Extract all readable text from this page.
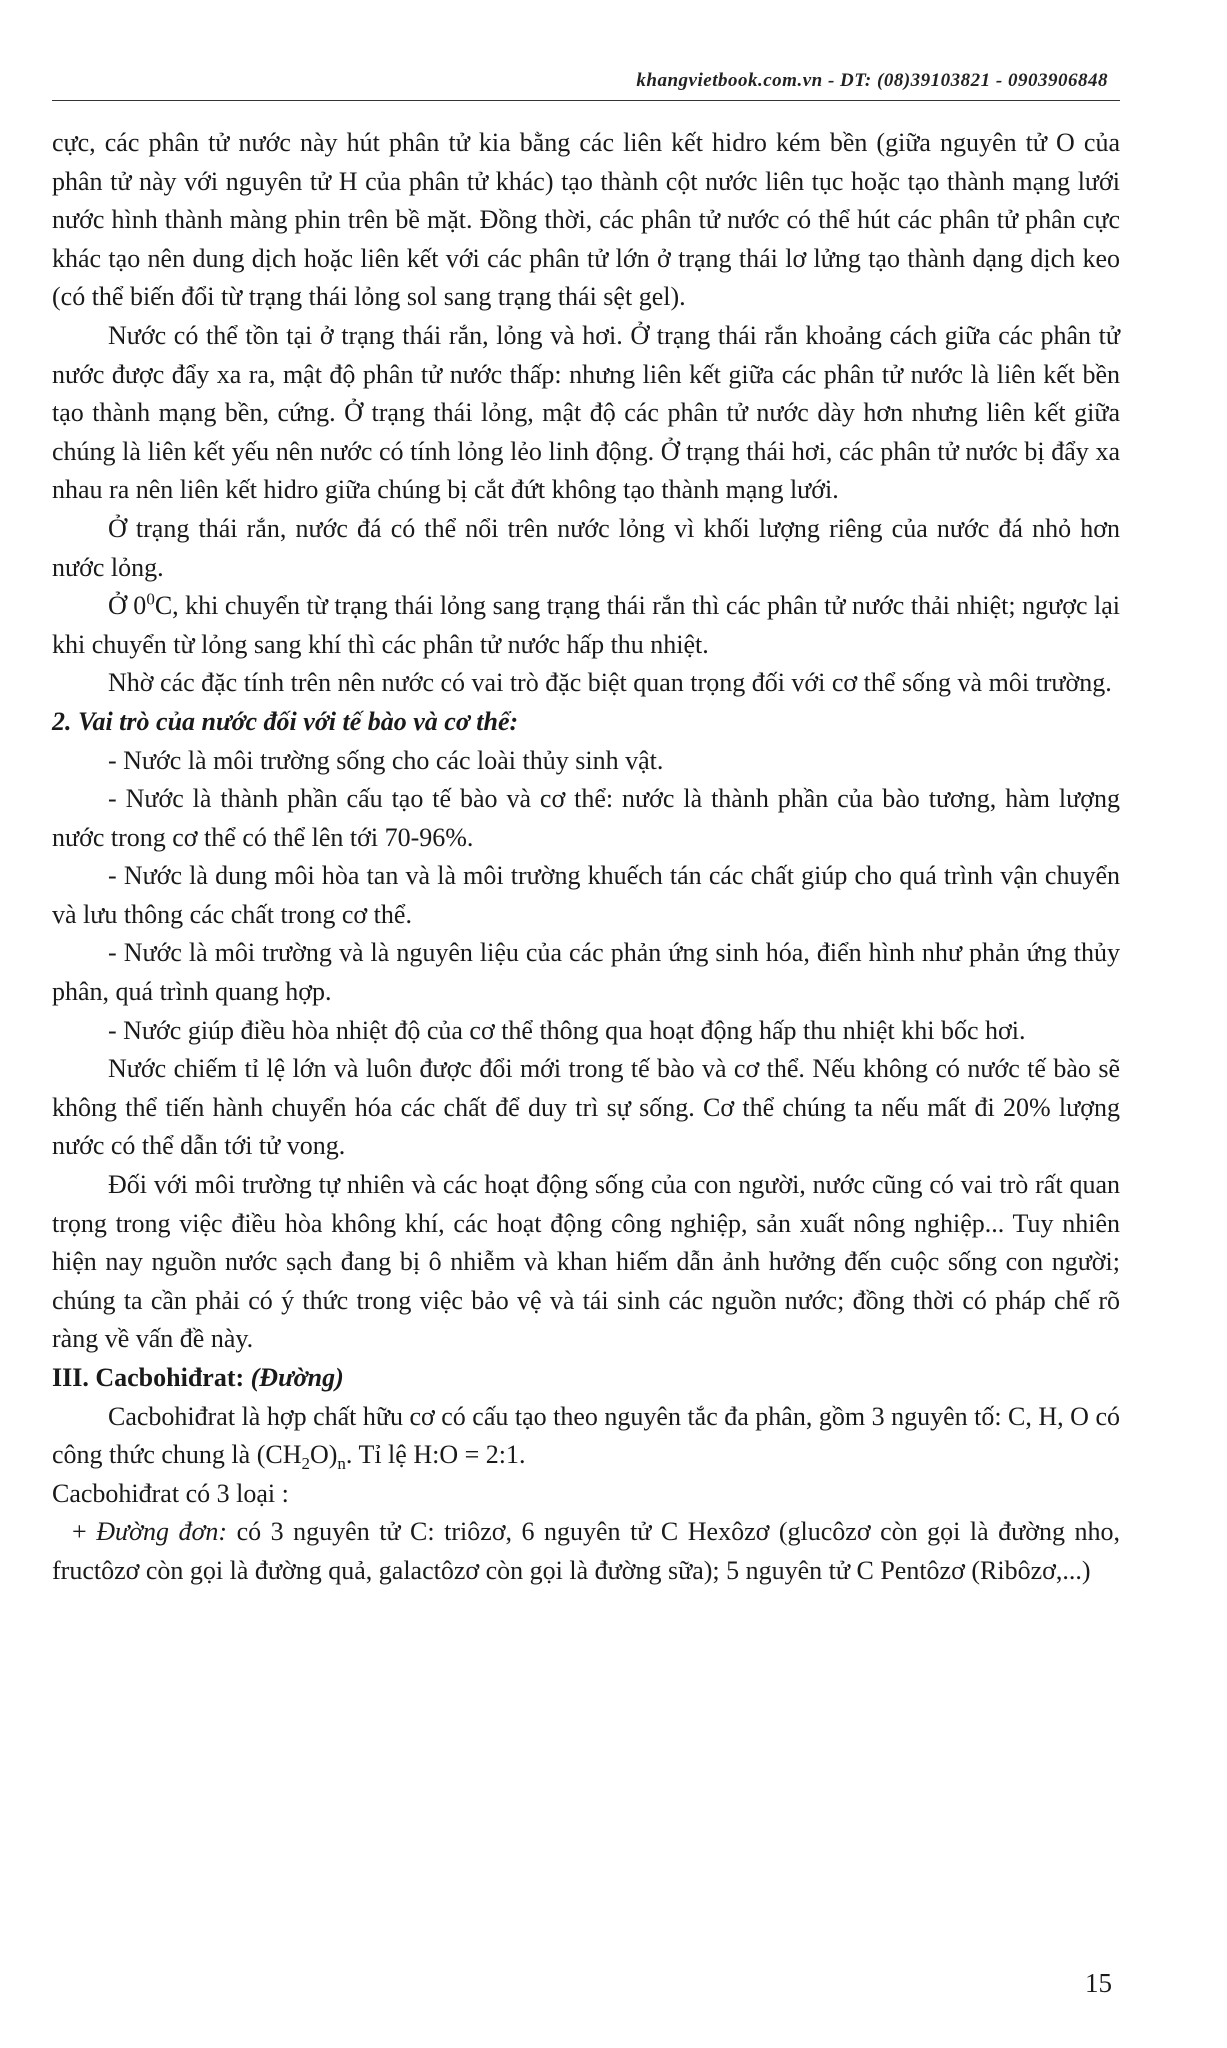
khangvietbook.com.vn - DT: (08)39103821 - 0903906848

cực, các phân tử nước này hút phân tử kia bằng các liên kết hidro kém bền (giữa nguyên tử O của phân tử này với nguyên tử H của phân tử khác) tạo thành cột nước liên tục hoặc tạo thành mạng lưới nước hình thành màng phin trên bề mặt. Đồng thời, các phân tử nước có thể hút các phân tử phân cực khác tạo nên dung dịch hoặc liên kết với các phân tử lớn ở trạng thái lơ lửng tạo thành dạng dịch keo (có thể biến đổi từ trạng thái lỏng sol sang trạng thái sệt gel).

Nước có thể tồn tại ở trạng thái rắn, lỏng và hơi. Ở trạng thái rắn khoảng cách giữa các phân tử nước được đẩy xa ra, mật độ phân tử nước thấp: nhưng liên kết giữa các phân tử nước là liên kết bền tạo thành mạng bền, cứng. Ở trạng thái lỏng, mật độ các phân tử nước dày hơn nhưng liên kết giữa chúng là liên kết yếu nên nước có tính lỏng lẻo linh động. Ở trạng thái hơi, các phân tử nước bị đẩy xa nhau ra nên liên kết hidro giữa chúng bị cắt đứt không tạo thành mạng lưới.

Ở trạng thái rắn, nước đá có thể nổi trên nước lỏng vì khối lượng riêng của nước đá nhỏ hơn nước lỏng.

Ở $0^0C$, khi chuyển từ trạng thái lỏng sang trạng thái rắn thì các phân tử nước thải nhiệt; ngược lại khi chuyển từ lỏng sang khí thì các phân tử nước hấp thu nhiệt.

Nhờ các đặc tính trên nên nước có vai trò đặc biệt quan trọng đối với cơ thể sống và môi trường.

2. Vai trò của nước đối với tế bào và cơ thể:

- Nước là môi trường sống cho các loài thủy sinh vật.

- Nước là thành phần cấu tạo tế bào và cơ thể: nước là thành phần của bào tương, hàm lượng nước trong cơ thể có thể lên tới 70-96%.

- Nước là dung môi hòa tan và là môi trường khuếch tán các chất giúp cho quá trình vận chuyển và lưu thông các chất trong cơ thể.

- Nước là môi trường và là nguyên liệu của các phản ứng sinh hóa, điển hình như phản ứng thủy phân, quá trình quang hợp.

- Nước giúp điều hòa nhiệt độ của cơ thể thông qua hoạt động hấp thu nhiệt khi bốc hơi.

Nước chiếm tỉ lệ lớn và luôn được đổi mới trong tế bào và cơ thể. Nếu không có nước tế bào sẽ không thể tiến hành chuyển hóa các chất để duy trì sự sống. Cơ thể chúng ta nếu mất đi 20% lượng nước có thể dẫn tới tử vong.

Đối với môi trường tự nhiên và các hoạt động sống của con người, nước cũng có vai trò rất quan trọng trong việc điều hòa không khí, các hoạt động công nghiệp, sản xuất nông nghiệp... Tuy nhiên hiện nay nguồn nước sạch đang bị ô nhiễm và khan hiếm dẫn ảnh hưởng đến cuộc sống con người; chúng ta cần phải có ý thức trong việc bảo vệ và tái sinh các nguồn nước; đồng thời có pháp chế rõ ràng về vấn đề này.

III. Cacbohiđrat: (Đường)

Cacbohiđrat là hợp chất hữu cơ có cấu tạo theo nguyên tắc đa phân, gồm 3 nguyên tố: C, H, O có công thức chung là $(CH_2O)_n$. Tỉ lệ H:O = 2:1.

Cacbohiđrat có 3 loại :

+ Đường đơn: có 3 nguyên tử C: triôzơ, 6 nguyên tử C Hexôzơ (glucôzơ còn gọi là đường nho, fructôzơ còn gọi là đường quả, galactôzơ còn gọi là đường sữa); 5 nguyên tử C Pentôzơ (Ribôzơ,...)

15
